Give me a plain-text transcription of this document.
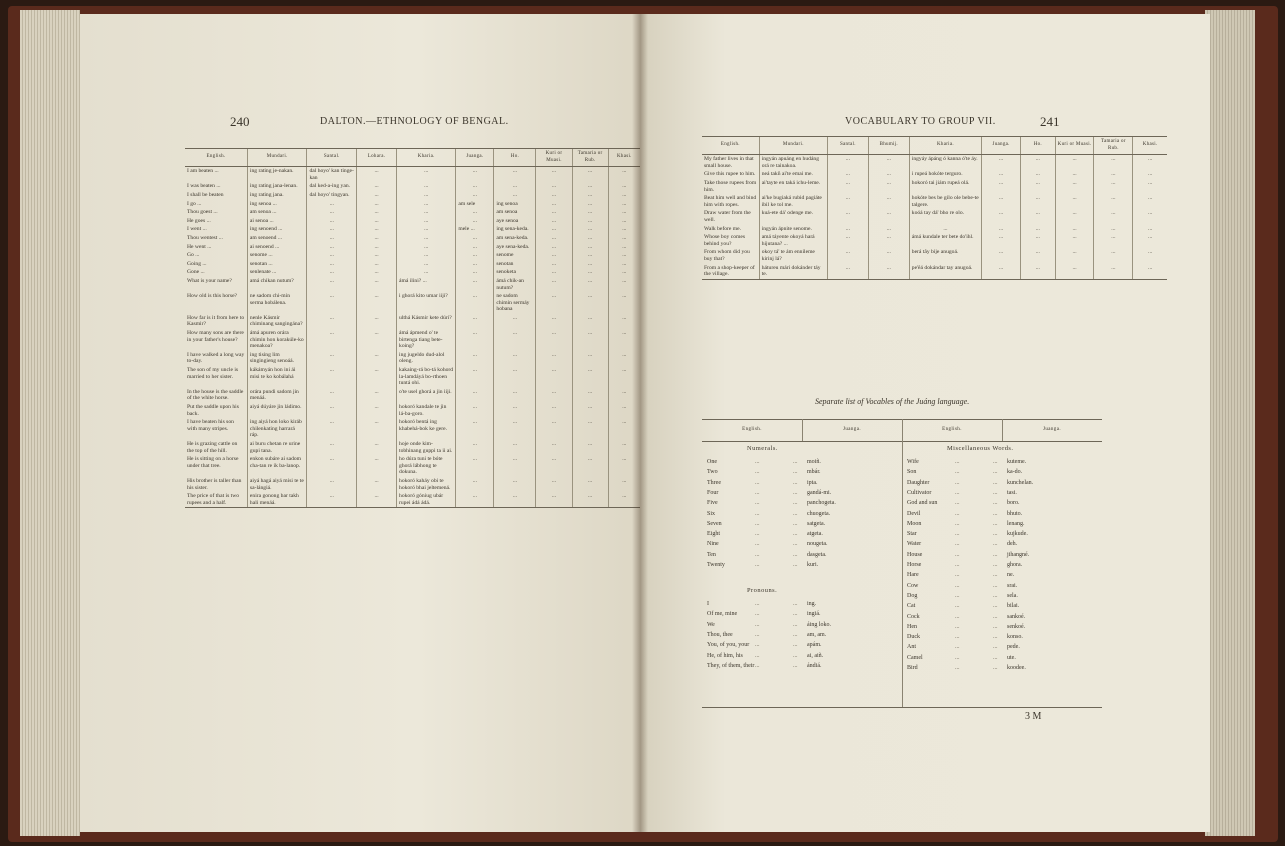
240	DALTON.—ETHNOLOGY OF BENGAL.
English.	Mundari.	Santal.	Lohara.	Kharia.	Juanga.	Ho.	Kuri or Muasi.	Tamaria or Rub.	Khasi.
I am beaten ...	ing rating je-nakan.	dal hoyo' kan tinge-kan	...	...	...	...	...	...	...
I was beaten ...	ing rating jana-lenan.	dal ked-a-ing yan.	...	...	...	...	...	...	...
I shall be beaten	ing rating jana.	dal hoyo' tingyan.	...	...	...	...	...	...	...
I go ...	ing senoa ...	...	...	...	am sele	ing senoa	...	...	...
Thou goest ...	am senoa ...	...	...	...	...	am senoa	...	...	...
He goes ...	ai senoa ...	...	...	...	...	aye senoa	...	...	...
I went ...	ing senoend ...	...	...	...	mele ...	ing sena-keda.	...	...	...
Thou wentest ...	am senoend ...	...	...	...	...	am sena-keda.	...	...	...
He went ...	ai senoend ...	...	...	...	...	aye sena-keda.	...	...	...
Go ...	senome ...	...	...	...	...	senome	...	...	...
Going ...	senotan ...	...	...	...	...	senotan	...	...	...
Gone ...	senlenate ...	...	...	...	...	senoketa	...	...	...
What is your name?	amá chikan nutum?	...	...	ámá ilini? ...	...	ámá chik-an nutum?	...	...	...
How old is this horse?	ne sadom chi-min serma hobálena.	...	...	i ghorá kito umar iiji?	...	ne sadom chimin sermáy hobana	...	...	...
How far is it from here to Kasmir?	nenle Kásmir chiminang sangingána?	...	...	ulthá Kásmir kete dúri?	...	...	...	...	...
How many sons are there in your father's house?	ámá apuren orára chimin hon korakúle-ko menakoa?	...	...	ámá ápmend o' te birtenga tiang bete-koing?	...	...	...	...	...
I have walked a long way to-day.	ing tising lim singingieng senoáá.	...	...	ing jugeldo dud-alol oleng.	...	...	...	...	...
The son of my uncle is married to her sister.	kákámyán hon ini ái misi te ko kobálahá	...	...	kakaing-rá bo-tá kohord la-lamdáyá bo-rthoen tuntá ohi.	...	...	...	...	...
In the house is the saddle of the white horse.	orára pundi sadom jin menáá.	...	...	o'te usel ghorá a jin iiji.	...	...	...	...	...
Put the saddle upon his back.	aiyá dúyáre jin ládimo.	...	...	hokoró kandale te jin lá-ba-goro.	...	...	...	...	...
I have beaten his son with many stripes.	ing aiyá hon loko kiráb chilenkating harrará ráp.	...	...	hokoró bentá ing khabehá-bok ke gere.	...	...	...	...	...
He is grazing cattle on the top of the hill.	ai buru chetan re urine gupi tana.	...	...	hoje onde kim-tobhinang guppi ta ii ai.	...	...	...	...	...
He is sitting on a horse under that tree.	enkon subáre ai sadom cha-tan re ik ba-lanop.	...	...	ho dúra tuni te bóte ghorá lábhong te dokuna.	...	...	...	...	...
His brother is taller than his sister.	aiyá hagá aiyá misi te te sa-lángiá.	...	...	hokoró kaháy obi te hokoró bhai jeltemená.	...	...	...	...	...
The price of that is two rupees and a half.	enira gonong bar takh hali menáá.	...	...	hokoró góniug ubár rupei ádá ádá.	...	...	...	...	...
VOCABULARY TO GROUP VII.	241
English.	Mundari.	Santal.	Bhumij.	Kharia.	Juanga.	Ho.	Kuri or Muasi.	Tamaria or Rub.	Khasi.
My father lives in that small house.	ingyán apuáng en hudáng orá re tainakoa.	...	...	ingyáy ápáng ó kanna ó'te áy.	...	...	...	...	...
Give this rupee to him.	neá takñ ai'te emai me.	...	...	i rupeá hokóte terguro.	...	...	...	...	...
Take those rupees from him.	ai'tayte en taká ichu-leme.	...	...	hokoró tai jiám rupeá olá.	...	...	...	...	...
Beat him well and bind him with ropes.	ai'ke bugiaká rubid pagiáte ibil ke tol me.	...	...	hokóte bes be gilo ole bebe-te talgere.	...	...	...	...	...
Draw water from the well.	kuá-ete dá' odenge me.	...	...	koóá tay dá' bho re olo.	...	...	...	...	...
Walk before me.	ingyán ápnite senome.	...	...	...	...	...	...	...	...
Whose boy comes behind you?	amá táyente okoyá hará hijutana? ...	...	...	ámá kundale ter bete do'ihl.	...	...	...	...	...
From whom did you buy that?	okoy tá' te ám ennileme kirinj lá?	...	...	berá tây bije anugoá.	...	...	...	...	...
From a shop-keeper of the village.	hátureu mári dokánder táy te.	...	...	pe'êá dokándar tay anugoá.	...	...	...	...	...
Separate list of Vocables of the Juáng language.
English.	Juanga.	English.	Juanga.
Numerals.
One	...	... moiñ.
Two	...	... mbár.
Three	...	... ipta.
Four	...	... gandá-mi.
Five	...	... panchogeta.
Six	...	... chuogeta.
Seven	...	... satgeta.
Eight	...	... atgeta.
Nine	...	... nougeta.
Ten	...	... dasgeta.
Twenty	...	... kuri.
Pronouns.
I	...	... ing.
Of me, mine	...	... ingiá.
We	...	... áing loko.
Thou, thee	...	... am, am.
You, of you, your ...	... apám.
He, of him, his ...	... ai, aiñ.
They, of them, their ...	... ándiá.
Miscellaneous Words.
Wife	...	... kuteme.
Son	...	... ka-do.
Daughter	...	... kunchelan.
Cultivator	...	... tasi.
God and sun	...	... boro.
Devil	...	... bhuto.
Moon	...	... lenang.
Star	...	... kujkude.
Water	...	... deh.
House	...	... jihangné.
Horse	...	... ghora.
Hare	...	... ne.
Cow	...	... srai.
Dog	...	... sela.
Cat	...	... bilai.
Cock	...	... sankoé.
Hen	...	... senkoé.
Duck	...	... konso.
Ant	...	... pede.
Camel	...	... ute.
Bird	...	... koodee.
3 M
